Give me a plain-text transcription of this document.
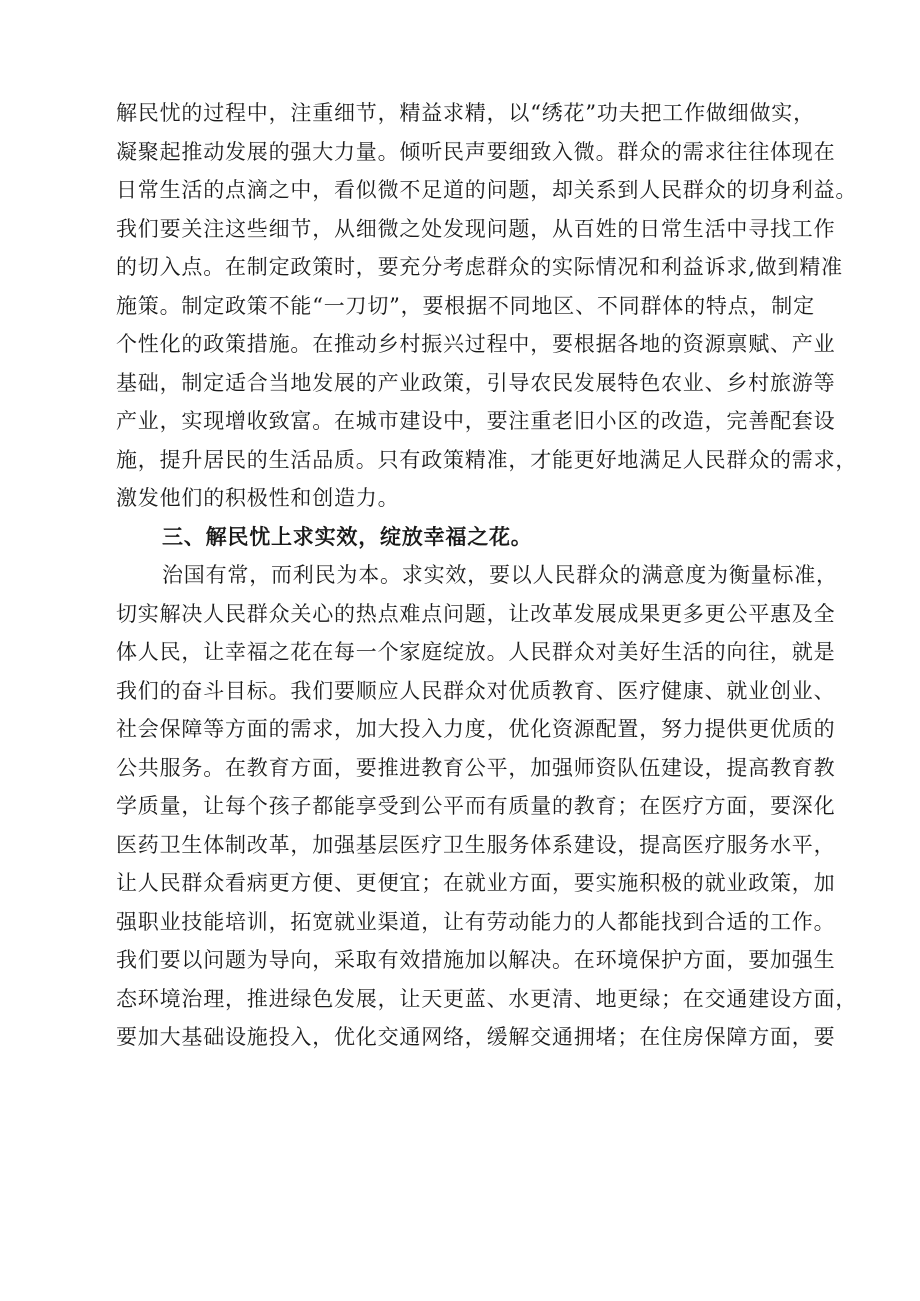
解民忧的过程中，注重细节，精益求精，以“绣花”功夫把工作做细做实，
凝聚起推动发展的强大力量。倾听民声要细致入微。群众的需求往往体现在
日常生活的点滴之中，看似微不足道的问题，却关系到人民群众的切身利益。
我们要关注这些细节，从细微之处发现问题，从百姓的日常生活中寻找工作
的切入点。在制定政策时，要充分考虑群众的实际情况和利益诉求,做到精准
施策。制定政策不能“一刀切”，要根据不同地区、不同群体的特点，制定
个性化的政策措施。在推动乡村振兴过程中，要根据各地的资源禀赋、产业
基础，制定适合当地发展的产业政策，引导农民发展特色农业、乡村旅游等
产业，实现增收致富。在城市建设中，要注重老旧小区的改造，完善配套设
施，提升居民的生活品质。只有政策精准，才能更好地满足人民群众的需求，
激发他们的积极性和创造力。
三、解民忧上求实效，绽放幸福之花。
治国有常，而利民为本。求实效，要以人民群众的满意度为衡量标准，
切实解决人民群众关心的热点难点问题，让改革发展成果更多更公平惠及全
体人民，让幸福之花在每一个家庭绽放。人民群众对美好生活的向往，就是
我们的奋斗目标。我们要顺应人民群众对优质教育、医疗健康、就业创业、
社会保障等方面的需求，加大投入力度，优化资源配置，努力提供更优质的
公共服务。在教育方面，要推进教育公平，加强师资队伍建设，提高教育教
学质量，让每个孩子都能享受到公平而有质量的教育；在医疗方面，要深化
医药卫生体制改革，加强基层医疗卫生服务体系建设，提高医疗服务水平，
让人民群众看病更方便、更便宜；在就业方面，要实施积极的就业政策，加
强职业技能培训，拓宽就业渠道，让有劳动能力的人都能找到合适的工作。
我们要以问题为导向，采取有效措施加以解决。在环境保护方面，要加强生
态环境治理，推进绿色发展，让天更蓝、水更清、地更绿；在交通建设方面，
要加大基础设施投入，优化交通网络，缓解交通拥堵；在住房保障方面，要
